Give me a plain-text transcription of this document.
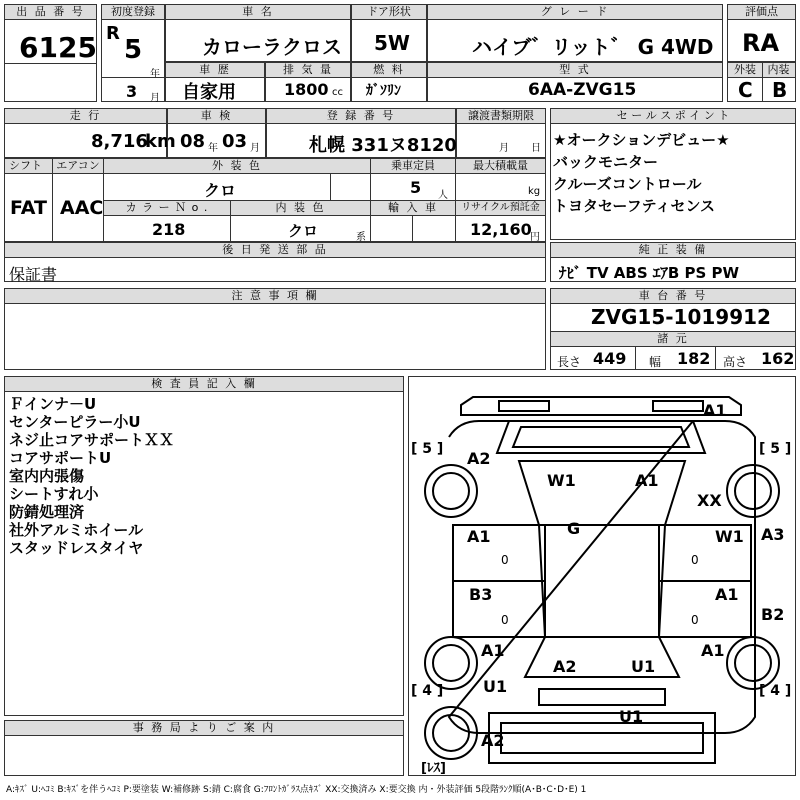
出 品 番 号
6125
初度登録
R
5
年
3 月
車 名
カローラクロス
ドア形状
5W
グ レ ー ド
ハイブ゛リット゛ G 4WD
評価点
RA
車 歴
自家用
排 気 量
1800 cc
燃 料
ｶﾞｿﾘﾝ
型 式
6AA-ZVG15
外装	内装
C B
走 行
8,716
km
車 検
08 年 03 月
登 録 番 号
札幌 331ヌ8120
譲渡書類期限
月 日
セ ー ル ス ポ イ ン ト
★オークションデビュー★
バックモニター
クルーズコントロール
トヨタセーフティセンス
シフト	エアコン	外 装 色	乗車定員	最大積載量
FAT AAC
クロ	5 人	kg
カ ラ ー Ｎ o .	内 装 色	輸 入 車	リサイクル預託金
218	クロ	系	12,160
円
後 日 発 送 部 品
保証書
純 正 装 備
ﾅﾋﾞ TV ABS ｴｱB PS PW
注 意 事 項 欄	車 台 番 号
ZVG15-1019912
諸 元
長さ 449 幅 182 高さ 162
検 査 員 記 入 欄
Ｆインナ－U
センターピラー小U
ネジ止コアサポートＸＸ
コアサポートU
室内内張傷
シートすれ小
防錆処理済
社外アルミホイール
スタッドレスタイヤ
事 務 局 よ り ご 案 内
[ 5 ]	[ 5 ]
[ 4 ]	[ 4 ]
[ﾚｽ]
A1
A2
W1	A1
XX
G
A1	W1 A3
B3	A1
B2
A1
A2	U1
A1
U1
U1
A2
0
0
0
0
A:ｷｽﾞ U:ﾍｺﾐ B:ｷｽﾞを伴うﾍｺﾐ P:要塗装 W:補修跡 S:錆 C:腐食 G:ﾌﾛﾝﾄｶﾞﾗｽ点ｷｽﾞ XX:交換済み X:要交換 内・外装評価 5段階ﾗﾝｸ順(A･B･C･D･E) 1
